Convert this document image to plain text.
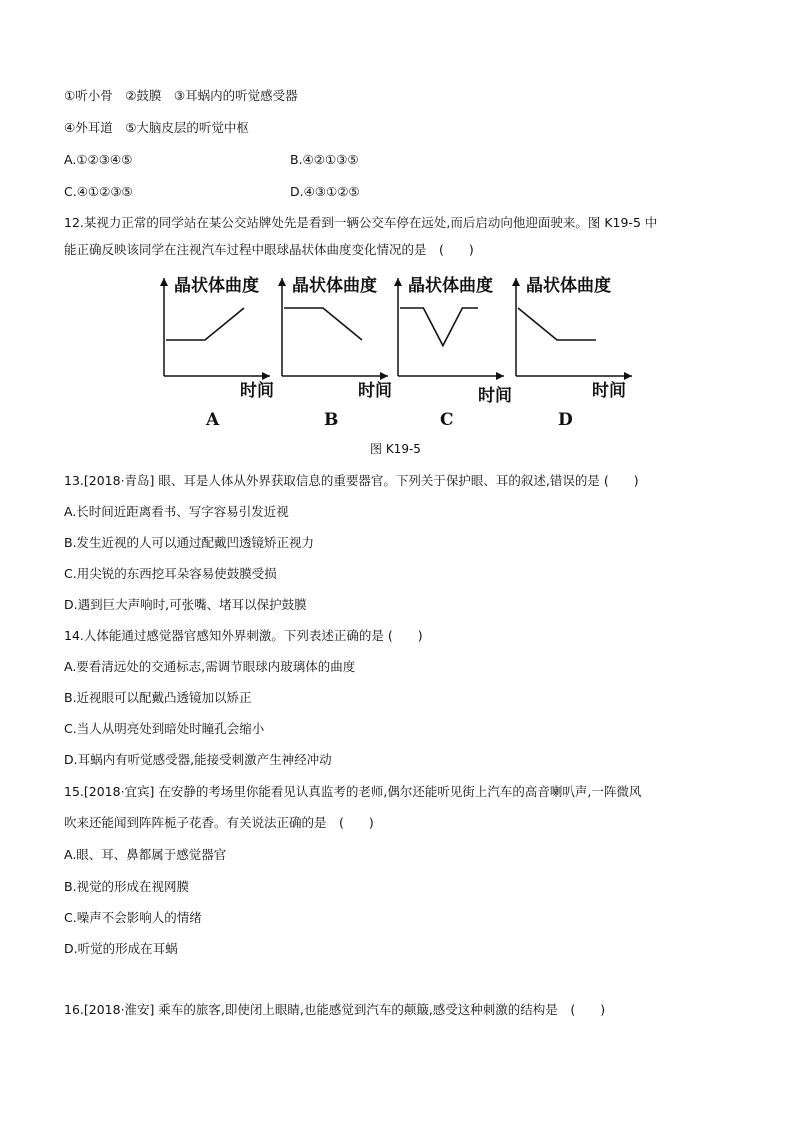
①听小骨　②鼓膜　③耳蜗内的听觉感受器
④外耳道　⑤大脑皮层的听觉中枢
A.①②③④⑤	B.④②①③⑤
C.④①②③⑤	D.④③①②⑤
12.某视力正常的同学站在某公交站牌处先是看到一辆公交车停在远处,而后启动向他迎面驶来。图 K19-5 中
能正确反映该同学在注视汽车过程中眼球晶状体曲度变化情况的是　(　　)
晶状体曲度
时间
A
晶状体曲度
时间
B
晶状体曲度
时间
C
晶状体曲度
时间
D
图 K19-5
13.[2018·青岛] 眼、耳是人体从外界获取信息的重要器官。下列关于保护眼、耳的叙述,错误的是 (　　)
A.长时间近距离看书、写字容易引发近视
B.发生近视的人可以通过配戴凹透镜矫正视力
C.用尖锐的东西挖耳朵容易使鼓膜受损
D.遇到巨大声响时,可张嘴、堵耳以保护鼓膜
14.人体能通过感觉器官感知外界刺激。下列表述正确的是 (　　)
A.要看清远处的交通标志,需调节眼球内玻璃体的曲度
B.近视眼可以配戴凸透镜加以矫正
C.当人从明亮处到暗处时瞳孔会缩小
D.耳蜗内有听觉感受器,能接受刺激产生神经冲动
15.[2018·宜宾] 在安静的考场里你能看见认真监考的老师,偶尔还能听见街上汽车的高音喇叭声,一阵微风
吹来还能闻到阵阵栀子花香。有关说法正确的是　(　　)
A.眼、耳、鼻都属于感觉器官
B.视觉的形成在视网膜
C.噪声不会影响人的情绪
D.听觉的形成在耳蜗
16.[2018·淮安] 乘车的旅客,即使闭上眼睛,也能感觉到汽车的颠簸,感受这种刺激的结构是　(　　)
